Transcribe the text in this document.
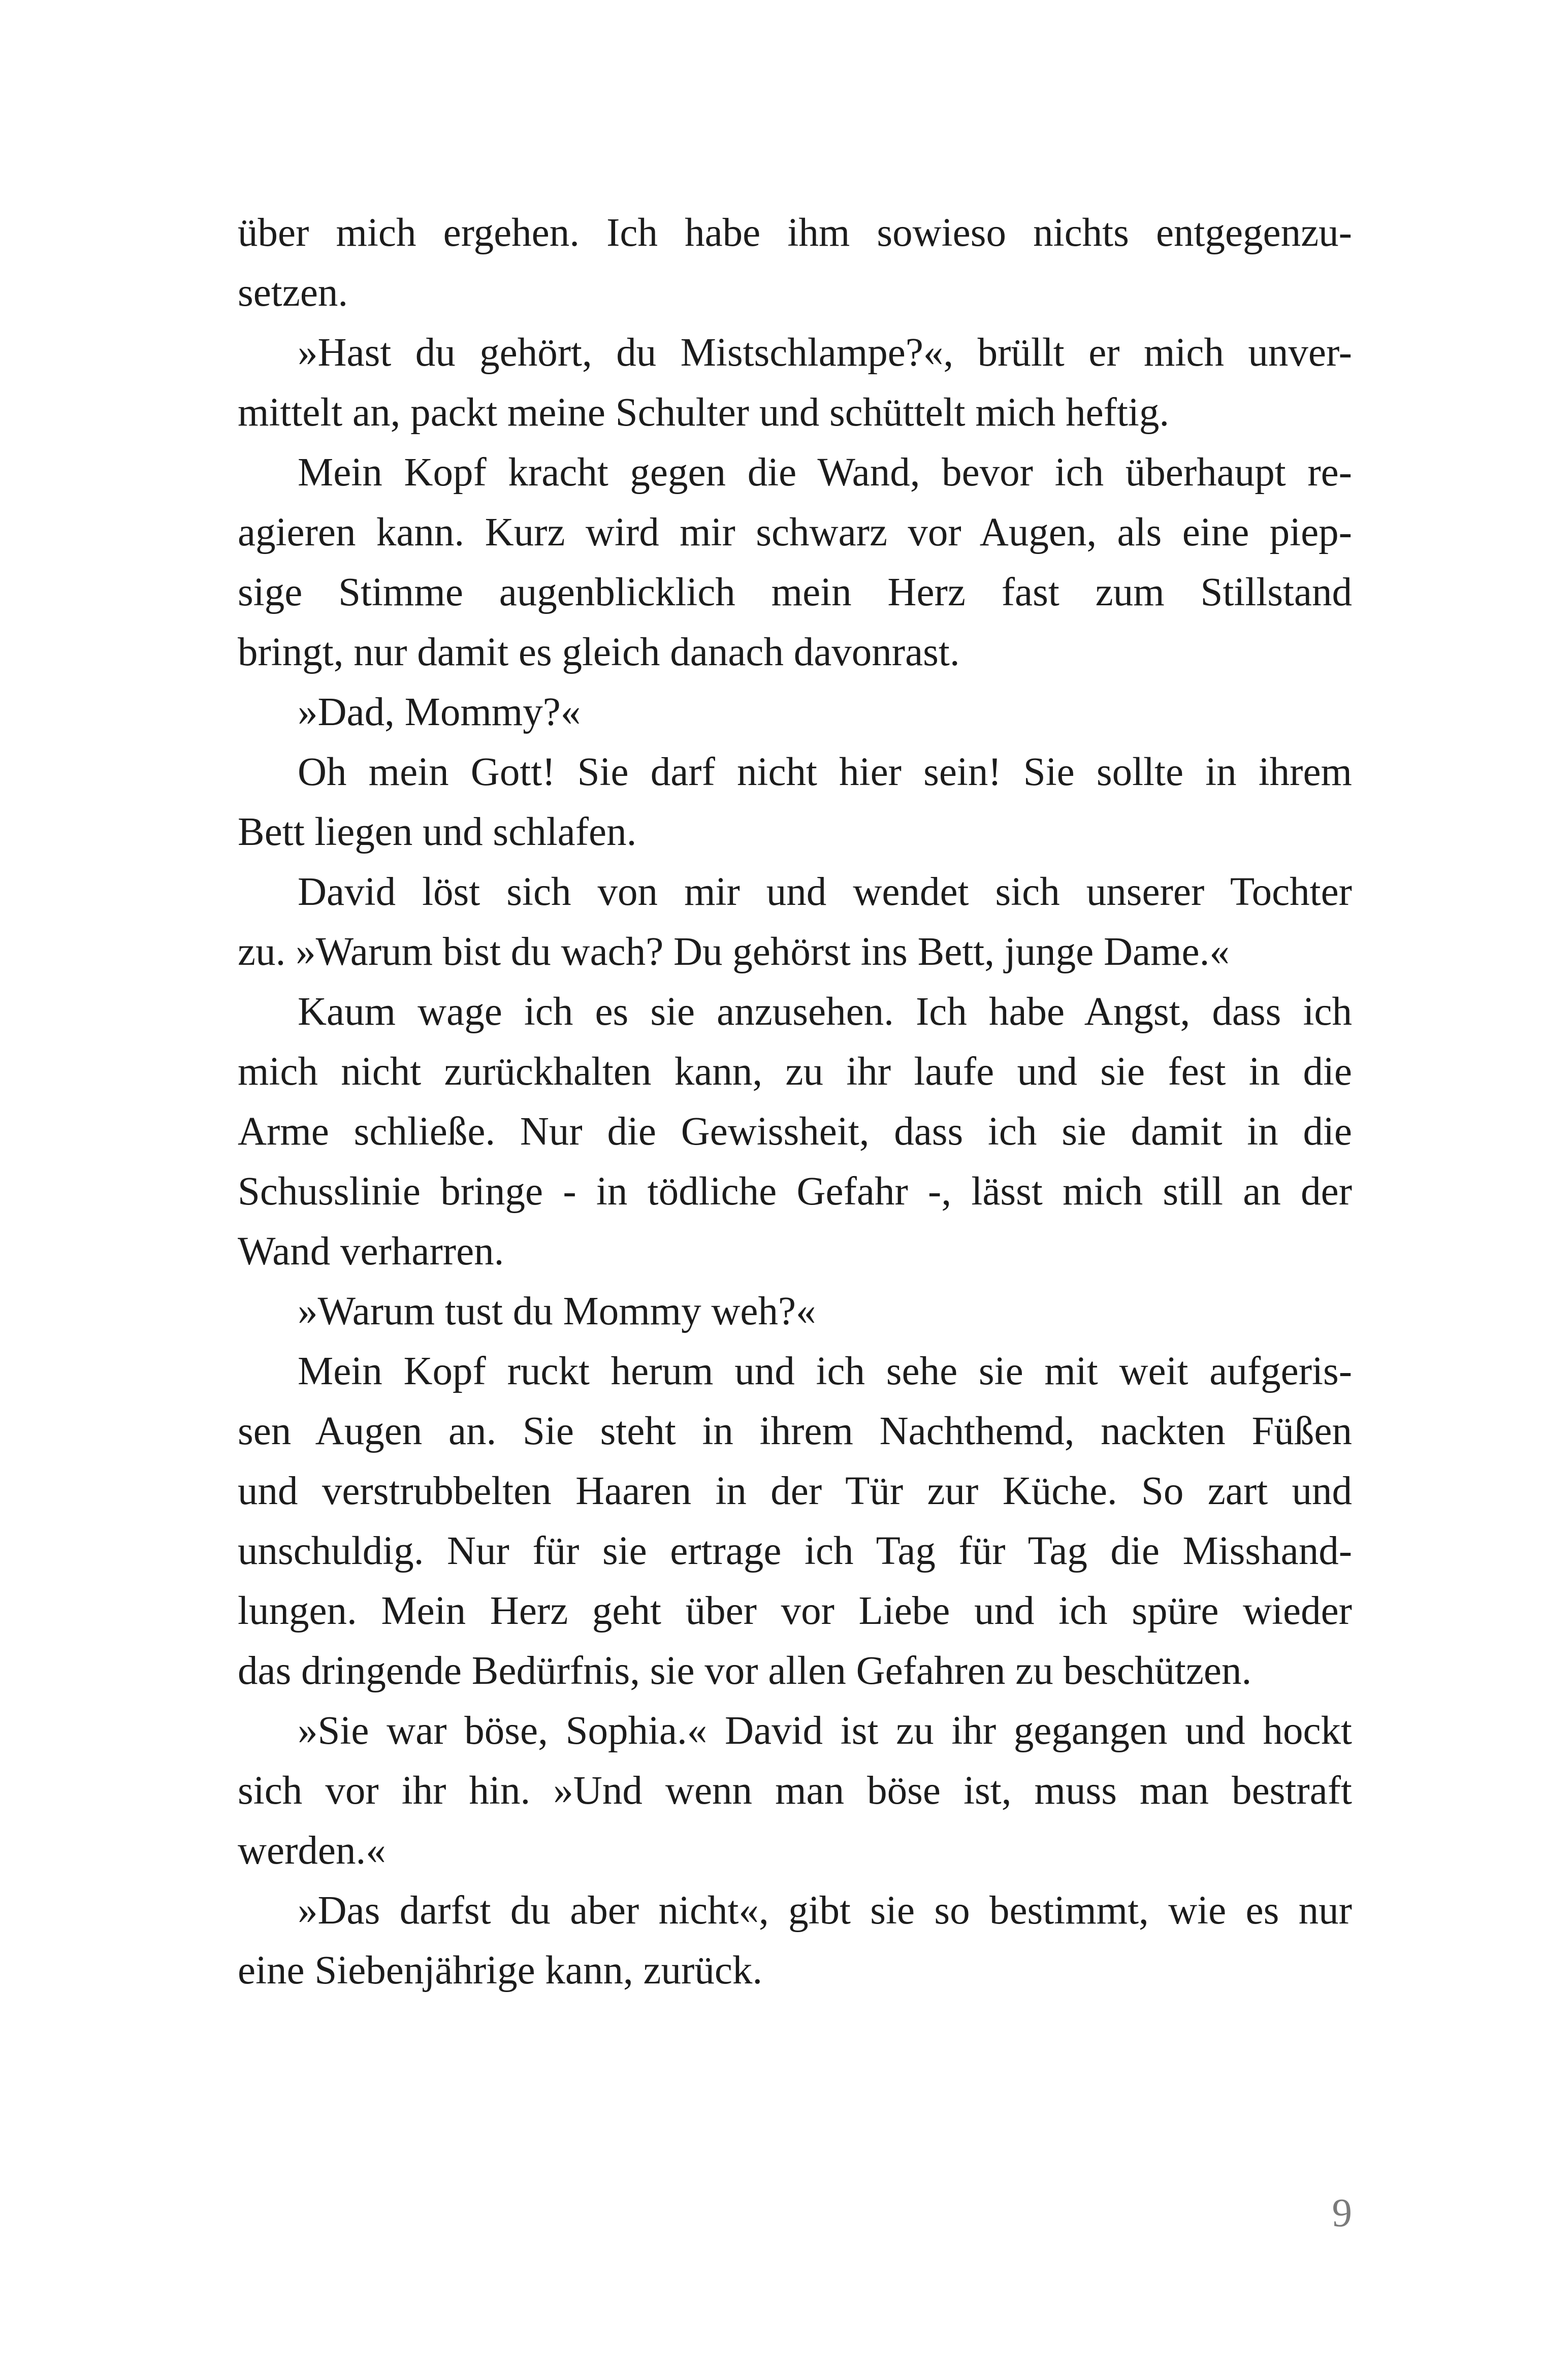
über mich ergehen. Ich habe ihm sowieso nichts entgegenzu-
setzen.
»Hast du gehört, du Mistschlampe?«, brüllt er mich unver-
mittelt an, packt meine Schulter und schüttelt mich heftig.
Mein Kopf kracht gegen die Wand, bevor ich überhaupt re-
agieren kann. Kurz wird mir schwarz vor Augen, als eine piep-
sige Stimme augenblicklich mein Herz fast zum Stillstand
bringt, nur damit es gleich danach davonrast.
»Dad, Mommy?«
Oh mein Gott! Sie darf nicht hier sein! Sie sollte in ihrem
Bett liegen und schlafen.
David löst sich von mir und wendet sich unserer Tochter
zu. »Warum bist du wach? Du gehörst ins Bett, junge Dame.«
Kaum wage ich es sie anzusehen. Ich habe Angst, dass ich
mich nicht zurückhalten kann, zu ihr laufe und sie fest in die
Arme schließe. Nur die Gewissheit, dass ich sie damit in die
Schusslinie bringe - in tödliche Gefahr -, lässt mich still an der
Wand verharren.
»Warum tust du Mommy weh?«
Mein Kopf ruckt herum und ich sehe sie mit weit aufgeris-
sen Augen an. Sie steht in ihrem Nachthemd, nackten Füßen
und verstrubbelten Haaren in der Tür zur Küche. So zart und
unschuldig. Nur für sie ertrage ich Tag für Tag die Misshand-
lungen. Mein Herz geht über vor Liebe und ich spüre wieder
das dringende Bedürfnis, sie vor allen Gefahren zu beschützen.
»Sie war böse, Sophia.« David ist zu ihr gegangen und hockt
sich vor ihr hin. »Und wenn man böse ist, muss man bestraft
werden.«
»Das darfst du aber nicht«, gibt sie so bestimmt, wie es nur
eine Siebenjährige kann, zurück.
9
